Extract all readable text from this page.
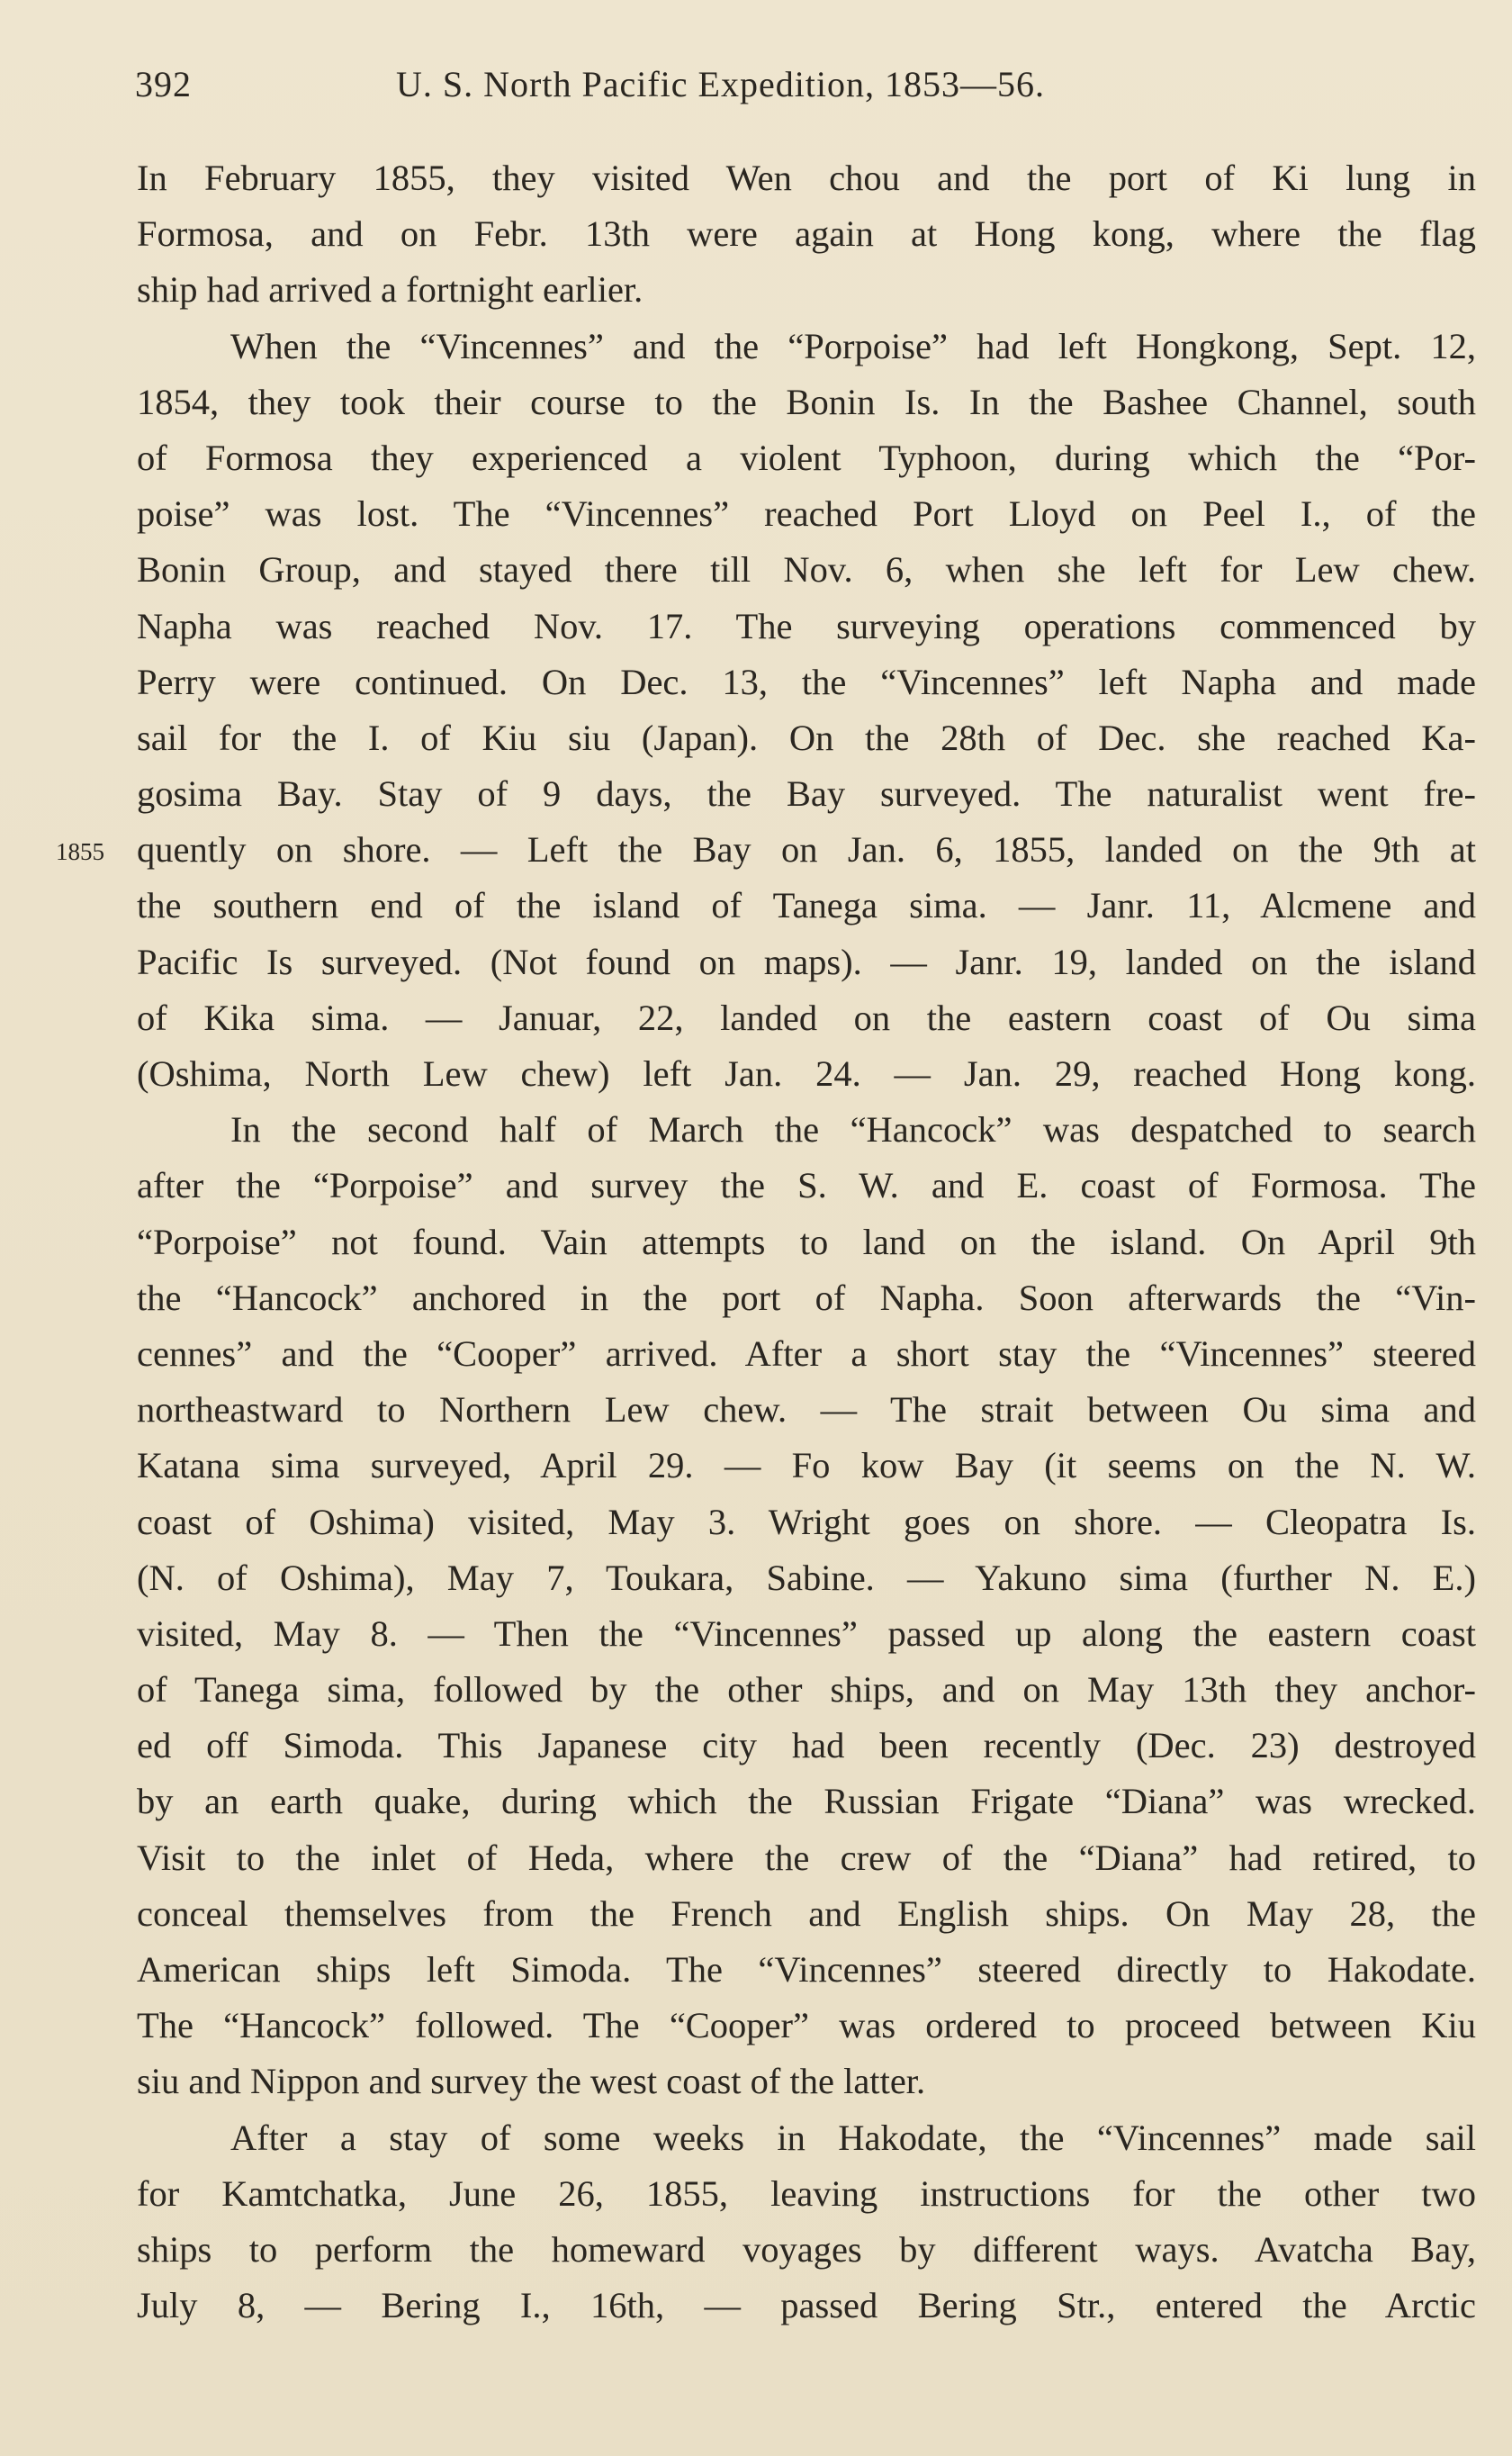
392	U. S. North Pacific Expedition, 1853—56.
1855
In February 1855, they visited Wen chou and the port of Ki lung in
Formosa, and on Febr. 13th were again at Hong kong, where the flag
ship had arrived a fortnight earlier.
When the “Vincennes” and the “Porpoise” had left Hongkong, Sept. 12,
1854, they took their course to the Bonin Is. In the Bashee Channel, south
of Formosa they experienced a violent Typhoon, during which the “Por-
poise” was lost. The “Vincennes” reached Port Lloyd on Peel I., of the
Bonin Group, and stayed there till Nov. 6, when she left for Lew chew.
Napha was reached Nov. 17. The surveying operations commenced by
Perry were continued. On Dec. 13, the “Vincennes” left Napha and made
sail for the I. of Kiu siu (Japan). On the 28th of Dec. she reached Ka-
gosima Bay. Stay of 9 days, the Bay surveyed. The naturalist went fre-
quently on shore. — Left the Bay on Jan. 6, 1855, landed on the 9th at
the southern end of the island of Tanega sima. — Janr. 11, Alcmene and
Pacific Is surveyed. (Not found on maps). — Janr. 19, landed on the island
of Kika sima. — Januar, 22, landed on the eastern coast of Ou sima
(Oshima, North Lew chew) left Jan. 24. — Jan. 29, reached Hong kong.
In the second half of March the “Hancock” was despatched to search
after the “Porpoise” and survey the S. W. and E. coast of Formosa. The
“Porpoise” not found. Vain attempts to land on the island. On April 9th
the “Hancock” anchored in the port of Napha. Soon afterwards the “Vin-
cennes” and the “Cooper” arrived. After a short stay the “Vincennes” steered
northeastward to Northern Lew chew. — The strait between Ou sima and
Katana sima surveyed, April 29. — Fo kow Bay (it seems on the N. W.
coast of Oshima) visited, May 3. Wright goes on shore. — Cleopatra Is.
(N. of Oshima), May 7, Toukara, Sabine. — Yakuno sima (further N. E.)
visited, May 8. — Then the “Vincennes” passed up along the eastern coast
of Tanega sima, followed by the other ships, and on May 13th they anchor-
ed off Simoda. This Japanese city had been recently (Dec. 23) destroyed
by an earth quake, during which the Russian Frigate “Diana” was wrecked.
Visit to the inlet of Heda, where the crew of the “Diana” had retired, to
conceal themselves from the French and English ships. On May 28, the
American ships left Simoda. The “Vincennes” steered directly to Hakodate.
The “Hancock” followed. The “Cooper” was ordered to proceed between Kiu
siu and Nippon and survey the west coast of the latter.
After a stay of some weeks in Hakodate, the “Vincennes” made sail
for Kamtchatka, June 26, 1855, leaving instructions for the other two
ships to perform the homeward voyages by different ways. Avatcha Bay,
July 8, — Bering I., 16th, — passed Bering Str., entered the Arctic
